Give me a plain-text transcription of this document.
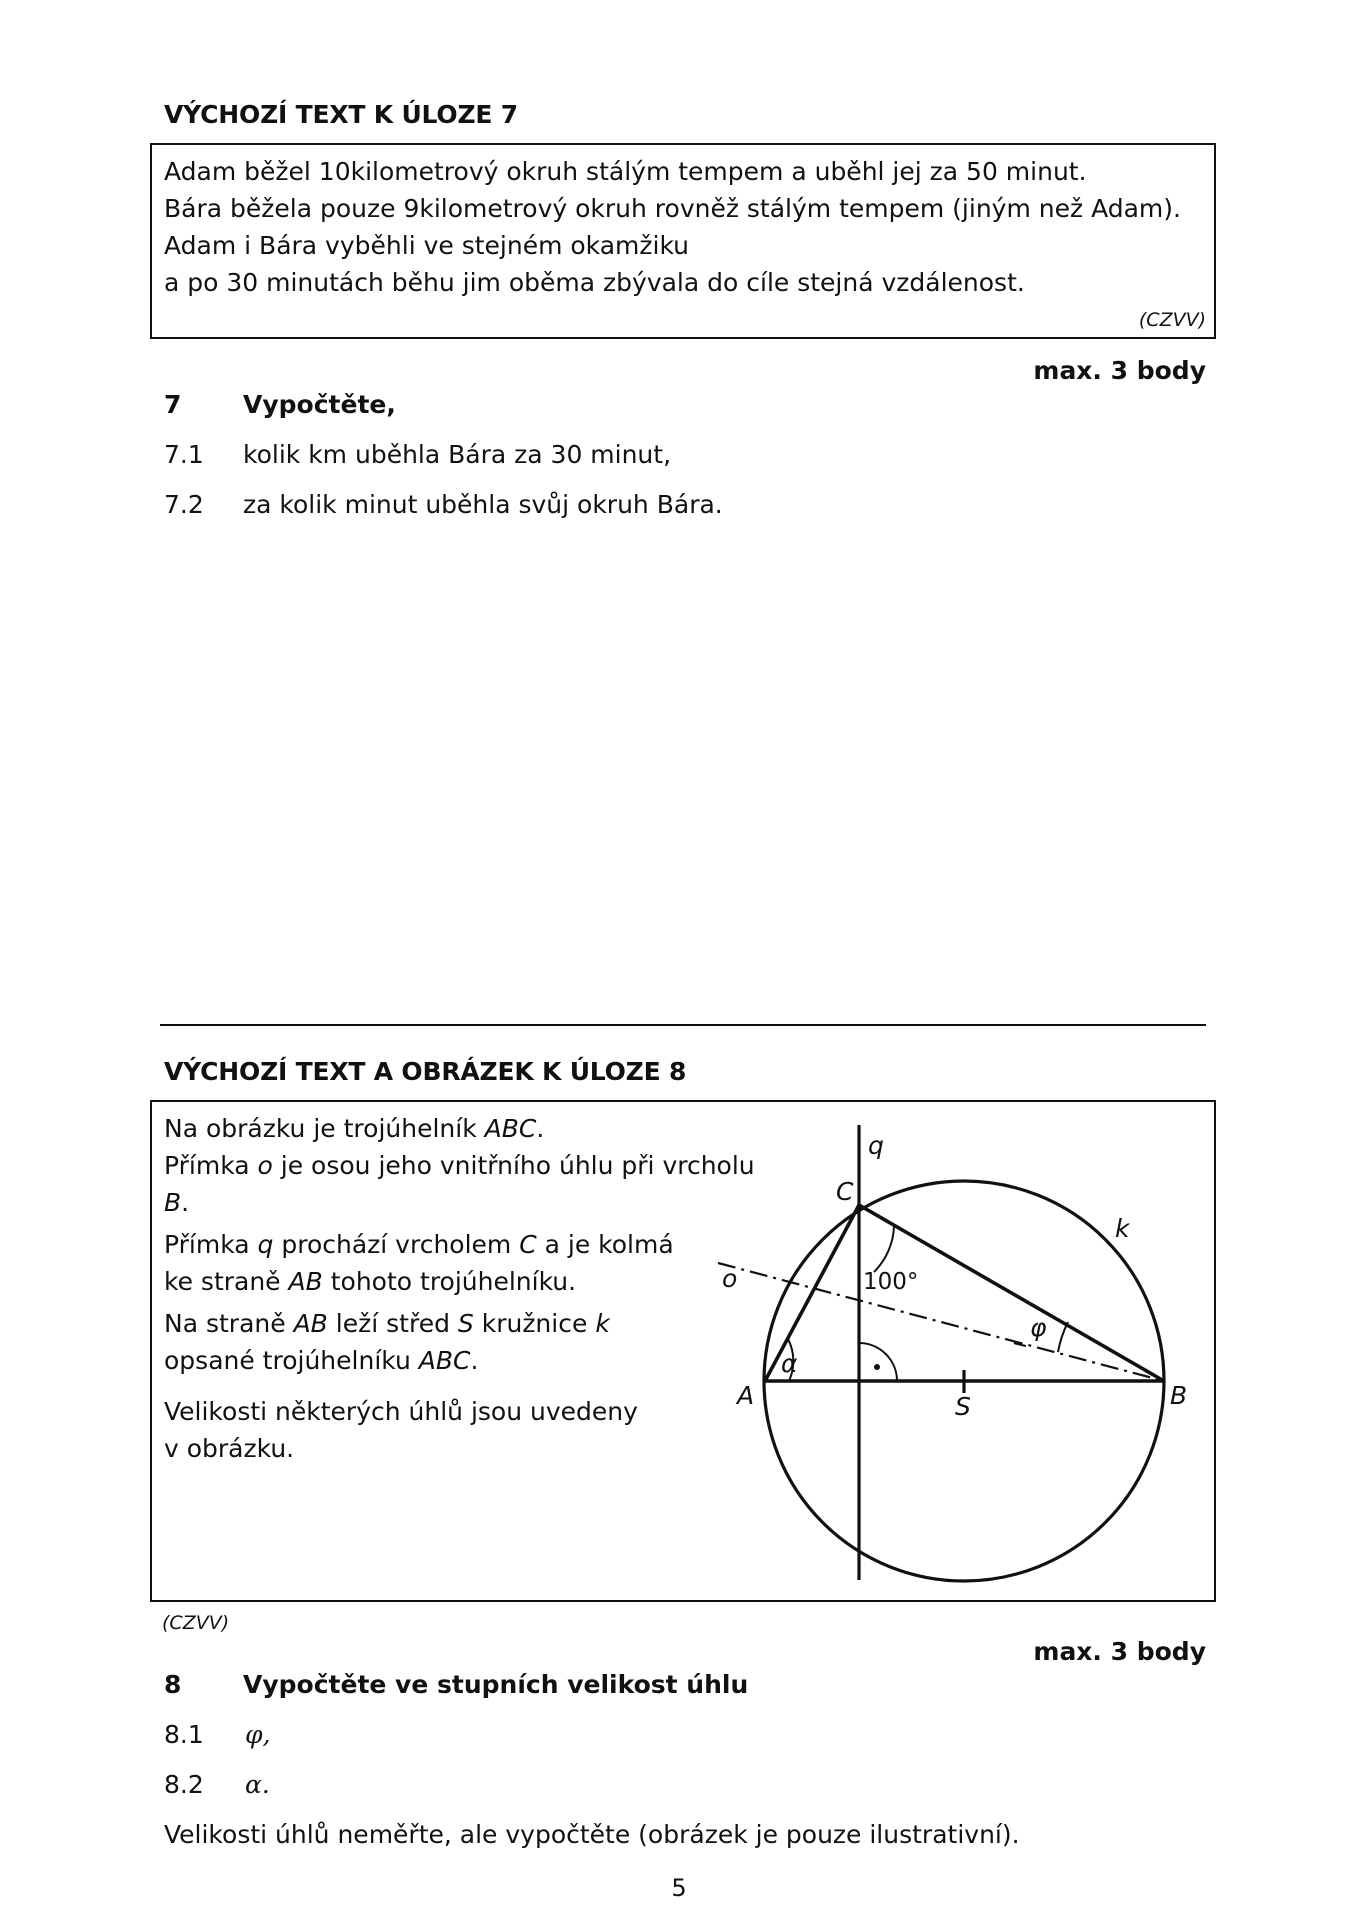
VÝCHOZÍ TEXT K ÚLOZE 7
Adam běžel 10kilometrový okruh stálým tempem a uběhl jej za 50 minut.
Bára běžela pouze 9kilometrový okruh rovněž stálým tempem (jiným než Adam).
Adam i Bára vyběhli ve stejném okamžiku
a po 30 minutách běhu jim oběma zbývala do cíle stejná vzdálenost.
(CZVV)
max. 3 body
7 Vypočtěte,
7.1 kolik km uběhla Bára za 30 minut,
7.2 za kolik minut uběhla svůj okruh Bára.
VÝCHOZÍ TEXT A OBRÁZEK K ÚLOZE 8
Na obrázku je trojúhelník ABC.
Přímka o je osou jeho vnitřního úhlu při vrcholu B.
Přímka q prochází vrcholem C a je kolmá
ke straně AB tohoto trojúhelníku.
Na straně AB leží střed S kružnice k
opsané trojúhelníku ABC.
Velikosti některých úhlů jsou uvedeny
v obrázku.
q
C
k
o
φ
α
A	S	B
100°
(CZVV)
max. 3 body
8 Vypočtěte ve stupních velikost úhlu
8.1 φ,
8.2 α.
Velikosti úhlů neměřte, ale vypočtěte (obrázek je pouze ilustrativní).
5
